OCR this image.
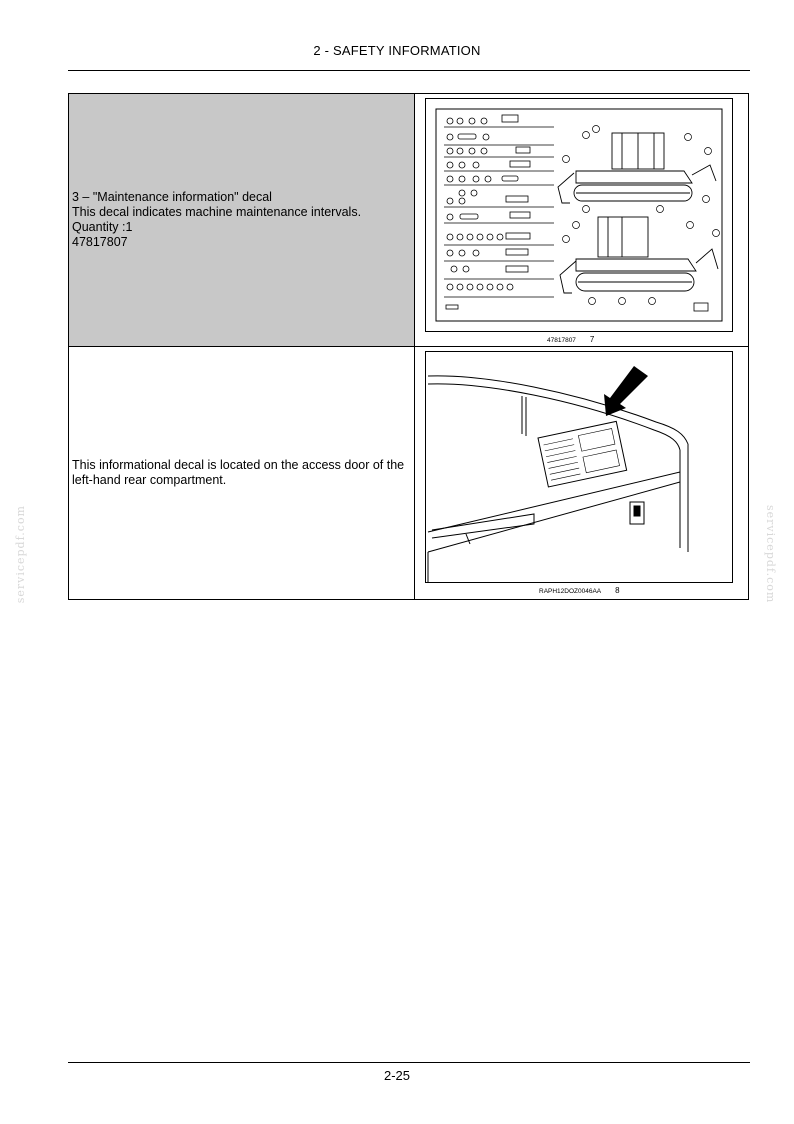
2 - SAFETY INFORMATION
servicepdf.com	servicepdf.com
3 – "Maintenance information" decal
This decal indicates machine maintenance intervals.
Quantity :1
47817807
47817807 7
This informational decal is located on the access door of the left-hand rear compartment.
RAPH12DOZ0046AA 8
2-25
